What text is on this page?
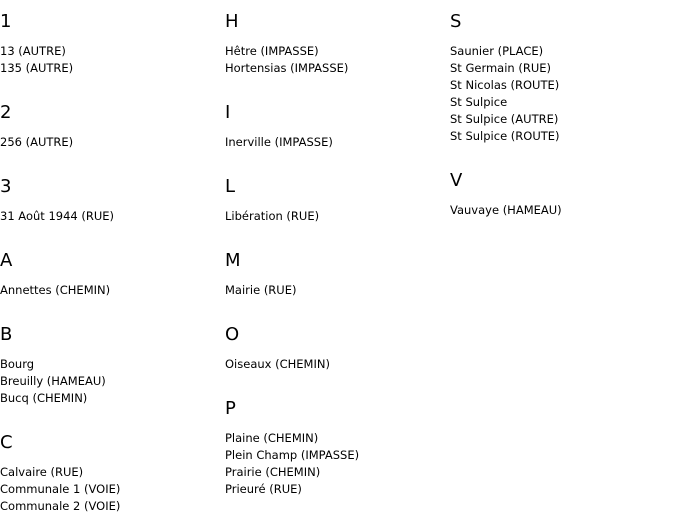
1
13 (AUTRE)
135 (AUTRE)
2
256 (AUTRE)
3
31 Août 1944 (RUE)
A
Annettes (CHEMIN)
B
Bourg
Breuilly (HAMEAU)
Bucq (CHEMIN)
C
Calvaire (RUE)
Communale 1 (VOIE)
Communale 2 (VOIE)
H
Hêtre (IMPASSE)
Hortensias (IMPASSE)
I
Inerville (IMPASSE)
L
Libération (RUE)
M
Mairie (RUE)
O
Oiseaux (CHEMIN)
P
Plaine (CHEMIN)
Plein Champ (IMPASSE)
Prairie (CHEMIN)
Prieuré (RUE)
S
Saunier (PLACE)
St Germain (RUE)
St Nicolas (ROUTE)
St Sulpice
St Sulpice (AUTRE)
St Sulpice (ROUTE)
V
Vauvaye (HAMEAU)
